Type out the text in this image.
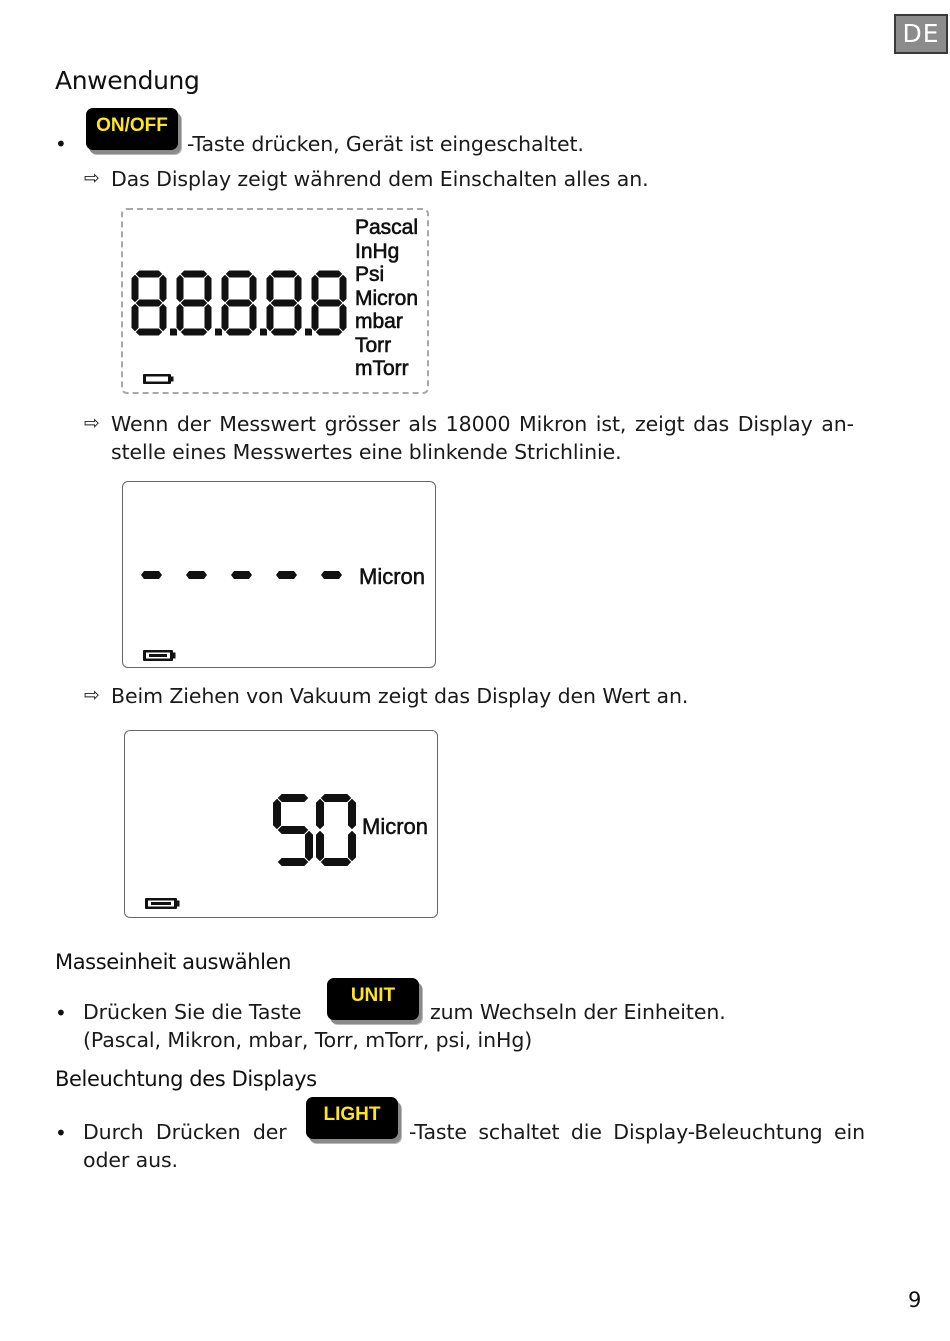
DE
Anwendung
•
ON/OFF
-Taste drücken, Gerät ist eingeschaltet.
⇨ Das Display zeigt während dem Einschalten alles an.
Pascal
InHg
Psi
Micron
mbar
Torr
mTorr
⇨ Wenn der Messwert grösser als 18000 Mikron ist, zeigt das Display an-
stelle eines Messwertes eine blinkende Strichlinie.
Micron
⇨ Beim Ziehen von Vakuum zeigt das Display den Wert an.
Micron
Masseinheit auswählen
• Drücken Sie die Taste
UNIT
zum Wechseln der Einheiten.
(Pascal, Mikron, mbar, Torr, mTorr, psi, inHg)
Beleuchtung des Displays
• Durch Drücken der
LIGHT
-Taste schaltet die Display-Beleuchtung ein
oder aus.
9
